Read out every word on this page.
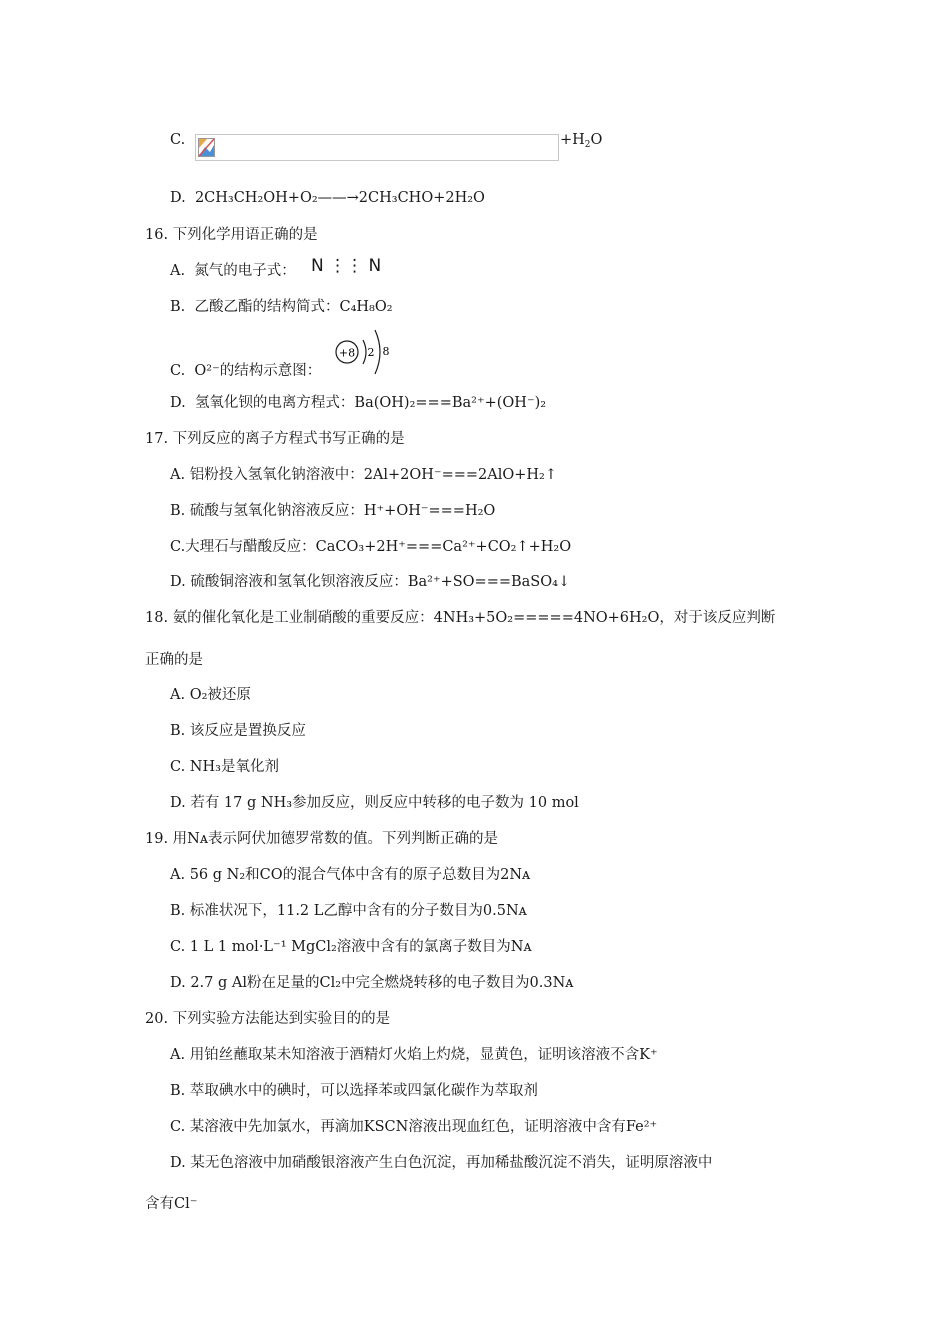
C.	$+H_2O$
D. 2CH₃CH₂OH+O₂——→2CH₃CHO+2H₂O
16. 下列化学用语正确的是
A. 氮气的电子式： N ⋮⋮ N
B. 乙酸乙酯的结构简式：C₄H₈O₂
C. O²⁻的结构示意图：
+8 2 8
D. 氢氧化钡的电离方程式：Ba(OH)₂===Ba²⁺+(OH⁻)₂
17. 下列反应的离子方程式书写正确的是
A. 铝粉投入氢氧化钠溶液中：2Al+2OH⁻===2AlO+H₂↑
B. 硫酸与氢氧化钠溶液反应：H⁺+OH⁻===H₂O
C.大理石与醋酸反应：CaCO₃+2H⁺===Ca²⁺+CO₂↑+H₂O
D. 硫酸铜溶液和氢氧化钡溶液反应：Ba²⁺+SO===BaSO₄↓
18. 氨的催化氧化是工业制硝酸的重要反应：4NH₃+5O₂=====4NO+6H₂O，对于该反应判断
正确的是
A. O₂被还原
B. 该反应是置换反应
C. NH₃是氧化剂
D. 若有 17 g NH₃参加反应，则反应中转移的电子数为 10 mol
19. 用Nᴀ表示阿伏加德罗常数的值。下列判断正确的是
A. 56 g N₂和CO的混合气体中含有的原子总数目为2Nᴀ
B. 标准状况下，11.2 L乙醇中含有的分子数目为0.5Nᴀ
C. 1 L 1 mol·L⁻¹ MgCl₂溶液中含有的氯离子数目为Nᴀ
D. 2.7 g Al粉在足量的Cl₂中完全燃烧转移的电子数目为0.3Nᴀ
20. 下列实验方法能达到实验目的的是
A. 用铂丝蘸取某未知溶液于酒精灯火焰上灼烧，显黄色，证明该溶液不含K⁺
B. 萃取碘水中的碘时，可以选择苯或四氯化碳作为萃取剂
C. 某溶液中先加氯水，再滴加KSCN溶液出现血红色，证明溶液中含有Fe²⁺
D. 某无色溶液中加硝酸银溶液产生白色沉淀，再加稀盐酸沉淀不消失，证明原溶液中
含有Cl⁻
